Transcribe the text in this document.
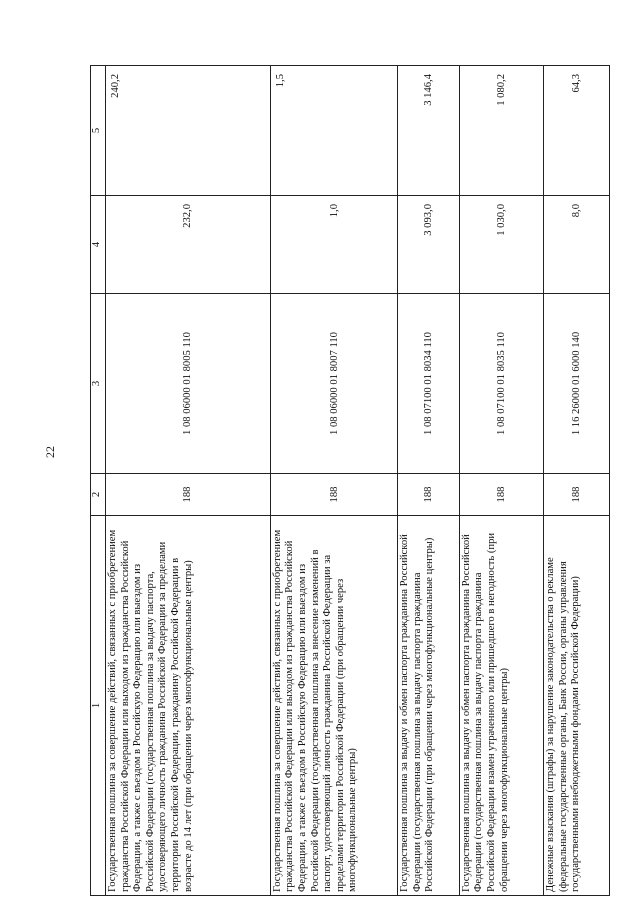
22
1	2	3	4	5
Государственная пошлина за совершение действий, связанных с приобретением гражданства Российской Федерации или выходом из гражданства Российской Федерации, а также с въездом в Российскую Федерацию или выездом из Российской Федерации (государственная пошлина за выдачу паспорта, удостоверяющего личность гражданина Российской Федерации за пределами территории Российской Федерации, гражданину Российской Федерации в возрасте до 14 лет (при обращении через многофункциональные центры)	188	1 08 06000 01 8005 110	232,0	240,2
Государственная пошлина за совершение действий, связанных с приобретением гражданства Российской Федерации или выходом из гражданства Российской Федерации, а также с въездом в Российскую Федерацию или выездом из Российской Федерации (государственная пошлина за внесение изменений в паспорт, удостоверяющий личность гражданина Российской Федерации за пределами территории Российской Федерации (при обращении через многофункциональные центры)	188	1 08 06000 01 8007 110	1,0	1,5
Государственная пошлина за выдачу и обмен паспорта гражданина Российской Федерации (государственная пошлина за выдачу паспорта гражданина Российской Федерации (при обращении через многофункциональные центры)	188	1 08 07100 01 8034 110	3 093,0	3 146,4
Государственная пошлина за выдачу и обмен паспорта гражданина Российской Федерации (государственная пошлина за выдачу паспорта гражданина Российской Федерации взамен утраченного или пришедшего в негодность (при обращении через многофункциональные центры)	188	1 08 07100 01 8035 110	1 030,0	1 080,2
Денежные взыскания (штрафы) за нарушение законодательства о рекламе (федеральные государственные органы, Банк России, органы управления государственными внебюджетными фондами Российской Федерации)	188	1 16 26000 01 6000 140	8,0	64,3
